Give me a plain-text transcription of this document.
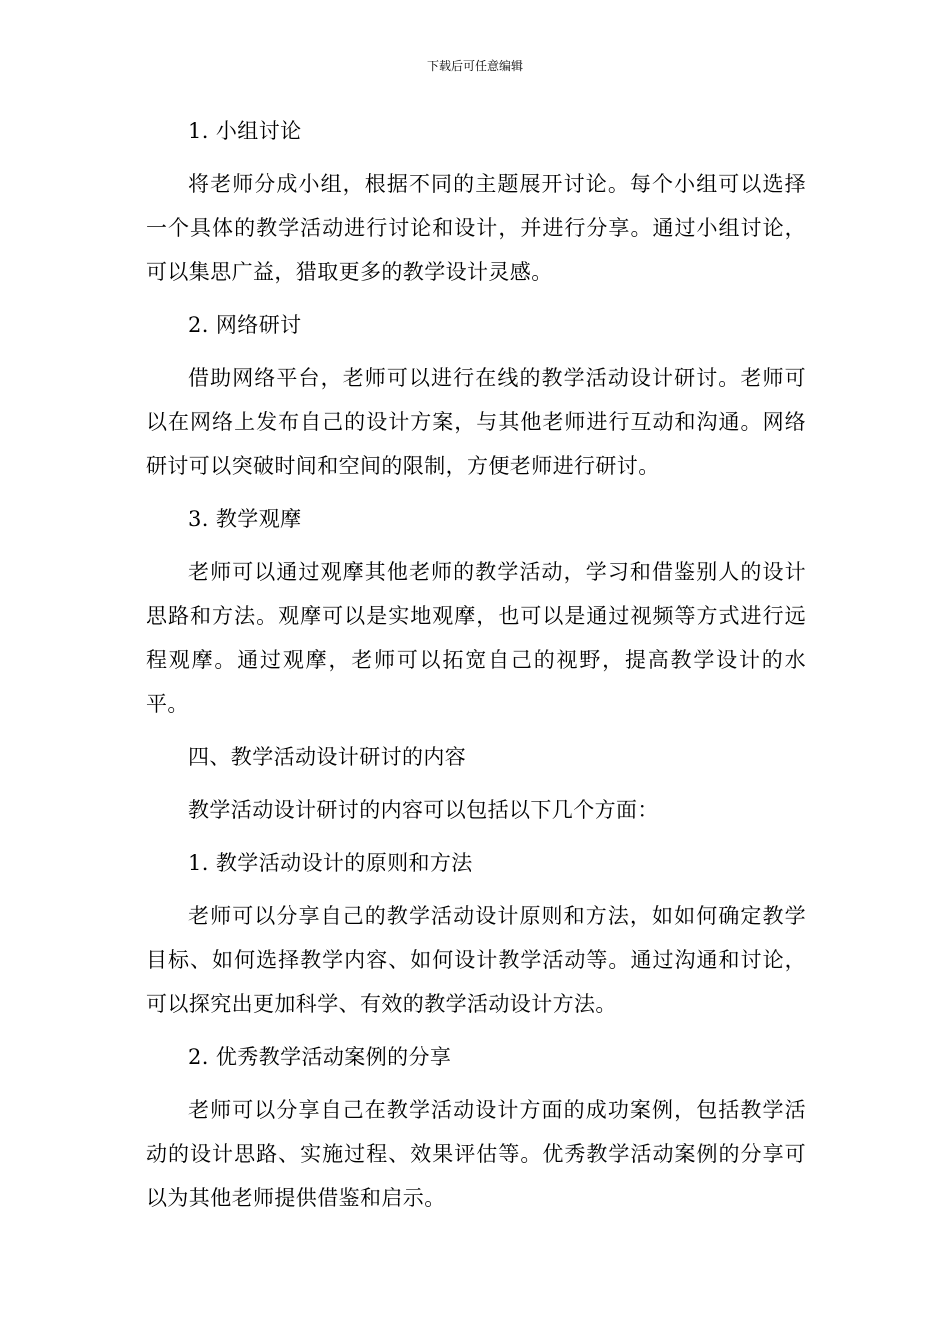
下载后可任意编辑

1. 小组讨论

将老师分成小组，根据不同的主题展开讨论。每个小组可以选择一个具体的教学活动进行讨论和设计，并进行分享。通过小组讨论，可以集思广益，猎取更多的教学设计灵感。

2. 网络研讨

借助网络平台，老师可以进行在线的教学活动设计研讨。老师可以在网络上发布自己的设计方案，与其他老师进行互动和沟通。网络研讨可以突破时间和空间的限制，方便老师进行研讨。

3. 教学观摩

老师可以通过观摩其他老师的教学活动，学习和借鉴别人的设计思路和方法。观摩可以是实地观摩，也可以是通过视频等方式进行远程观摩。通过观摩，老师可以拓宽自己的视野，提高教学设计的水平。

四、教学活动设计研讨的内容

教学活动设计研讨的内容可以包括以下几个方面：

1. 教学活动设计的原则和方法

老师可以分享自己的教学活动设计原则和方法，如如何确定教学目标、如何选择教学内容、如何设计教学活动等。通过沟通和讨论，可以探究出更加科学、有效的教学活动设计方法。

2. 优秀教学活动案例的分享

老师可以分享自己在教学活动设计方面的成功案例，包括教学活动的设计思路、实施过程、效果评估等。优秀教学活动案例的分享可以为其他老师提供借鉴和启示。
